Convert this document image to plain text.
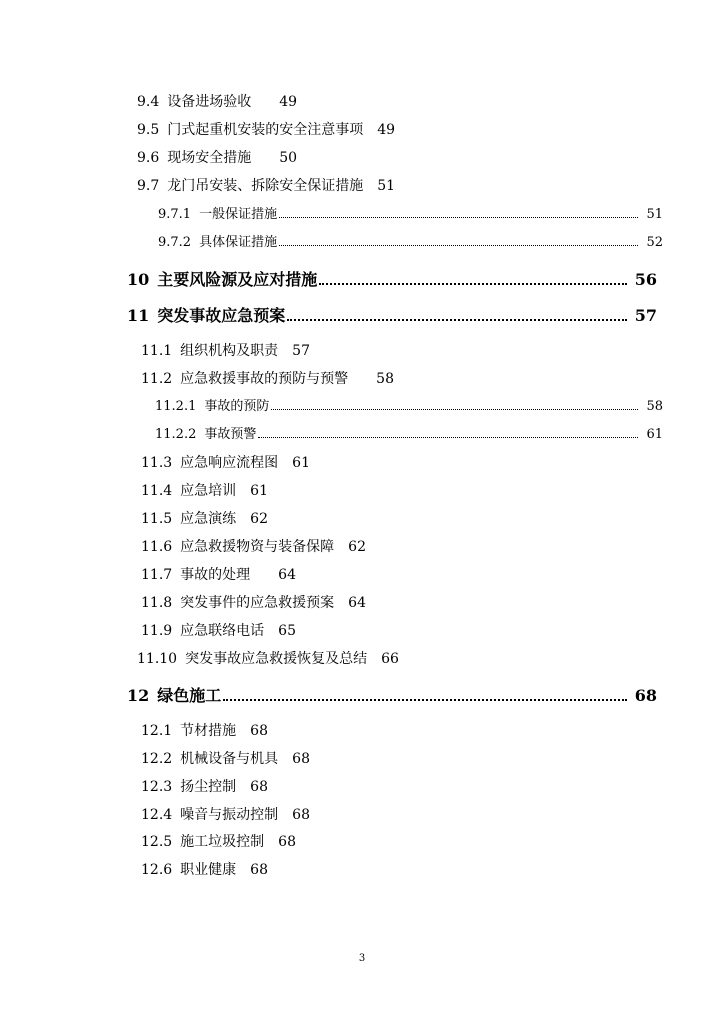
9.4 设备进场验收 49
9.5 门式起重机安装的安全注意事项 49
9.6 现场安全措施 50
9.7 龙门吊安装、拆除安全保证措施 51
9.7.1 一般保证措施	51
9.7.2 具体保证措施	52
10 主要风险源及应对措施	56
11 突发事故应急预案	57
11.1 组织机构及职责 57
11.2 应急救援事故的预防与预警 58
11.2.1 事故的预防	58
11.2.2 事故预警	61
11.3 应急响应流程图 61
11.4 应急培训 61
11.5 应急演练 62
11.6 应急救援物资与装备保障 62
11.7 事故的处理 64
11.8 突发事件的应急救援预案 64
11.9 应急联络电话 65
11.10 突发事故应急救援恢复及总结 66
12 绿色施工	68
12.1 节材措施 68
12.2 机械设备与机具 68
12.3 扬尘控制 68
12.4 噪音与振动控制 68
12.5 施工垃圾控制 68
12.6 职业健康 68
3
